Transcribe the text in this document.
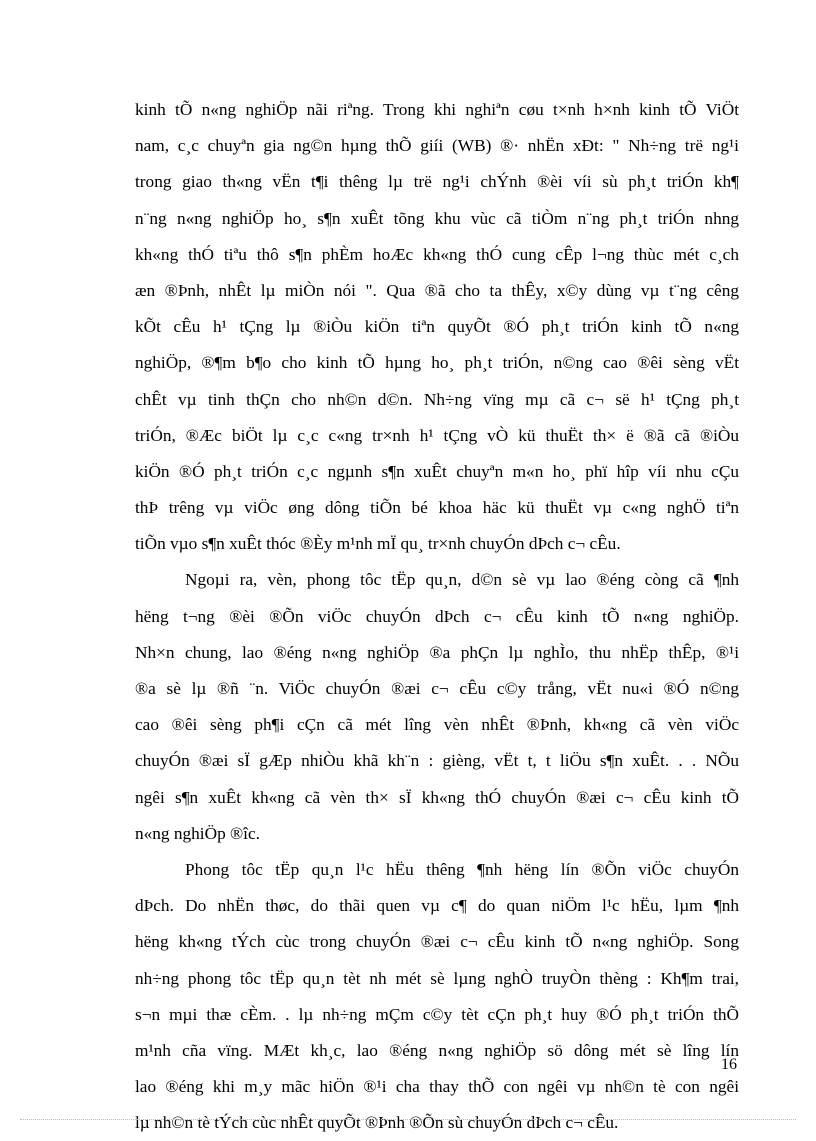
kinh tÕ n«ng nghiÖp nãi riªng. Trong khi nghiªn cøu t×nh h×nh kinh tÕ ViÖt
nam, c¸c chuyªn gia ng©n hµng thÕ giíi (WB) ®· nhËn xÐt: " Nh÷ng trë ng¹i
trong giao th«ng vËn t¶i thêng lµ trë ng¹i chÝnh ®èi víi sù ph¸t triÓn kh¶
n¨ng n«ng nghiÖp ho¸ s¶n xuÊt tõng khu vùc cã tiÒm n¨ng ph¸t triÓn nhng
kh«ng thÓ tiªu thô s¶n phÈm hoÆc kh«ng thÓ cung cÊp l¬ng thùc mét c¸ch
æn ®Þnh, nhÊt lµ miÒn nói ". Qua ®ã cho ta thÊy, x©y dùng vµ t¨ng cêng
kÕt cÊu h¹ tÇng lµ ®iÒu kiÖn tiªn quyÕt ®Ó ph¸t triÓn kinh tÕ n«ng
nghiÖp, ®¶m b¶o cho kinh tÕ hµng ho¸ ph¸t triÓn, n©ng cao ®êi sèng vËt
chÊt vµ tinh thÇn cho nh©n d©n. Nh÷ng vïng mµ cã c¬ së h¹ tÇng ph¸t
triÓn, ®Æc biÖt lµ c¸c c«ng tr×nh h¹ tÇng vÒ kü thuËt th× ë ®ã cã ®iÒu
kiÖn ®Ó ph¸t triÓn c¸c ngµnh s¶n xuÊt chuyªn m«n ho¸ phï hîp víi nhu cÇu
thÞ trêng vµ viÖc øng dông tiÕn bé khoa häc kü thuËt vµ c«ng nghÖ tiªn
tiÕn vµo s¶n xuÊt thóc ®Èy m¹nh mÏ qu¸ tr×nh chuyÓn dÞch c¬ cÊu.
Ngoµi ra, vèn, phong tôc tËp qu¸n, d©n sè vµ lao ®éng còng cã ¶nh
hëng t¬ng ®èi ®Õn viÖc chuyÓn dÞch c¬ cÊu kinh tÕ n«ng nghiÖp.
Nh×n chung, lao ®éng n«ng nghiÖp ®a phÇn lµ nghÌo, thu nhËp thÊp, ®¹i
®a sè lµ ®ñ ¨n. ViÖc chuyÓn ®æi c¬ cÊu c©y trång, vËt nu«i ®Ó n©ng
cao ®êi sèng ph¶i cÇn cã mét lîng vèn nhÊt ®Þnh, kh«ng cã vèn viÖc
chuyÓn ®æi sÏ gÆp nhiÒu khã kh¨n : gièng, vËt t, t liÖu s¶n xuÊt. . . NÕu
ngêi s¶n xuÊt kh«ng cã vèn th× sÏ kh«ng thÓ chuyÓn ®æi c¬ cÊu kinh tÕ
n«ng nghiÖp ®îc.
Phong tôc tËp qu¸n l¹c hËu thêng ¶nh hëng lín ®Õn viÖc chuyÓn
dÞch. Do nhËn thøc, do thãi quen vµ c¶ do quan niÖm l¹c hËu, lµm ¶nh
hëng kh«ng tÝch cùc trong chuyÓn ®æi c¬ cÊu kinh tÕ n«ng nghiÖp. Song
nh÷ng phong tôc tËp qu¸n tèt nh mét sè lµng nghÒ truyÒn thèng : Kh¶m trai,
s¬n mµi thæ cÈm. . lµ nh÷ng mÇm c©y tèt cÇn ph¸t huy ®Ó ph¸t triÓn thÕ
m¹nh cña vïng. MÆt kh¸c, lao ®éng n«ng nghiÖp sö dông mét sè lîng lín
lao ®éng khi m¸y mãc hiÖn ®¹i cha thay thÕ con ngêi vµ nh©n tè con ngêi
lµ nh©n tè tÝch cùc nhÊt quyÕt ®Þnh ®Õn sù chuyÓn dÞch c¬ cÊu.
16
